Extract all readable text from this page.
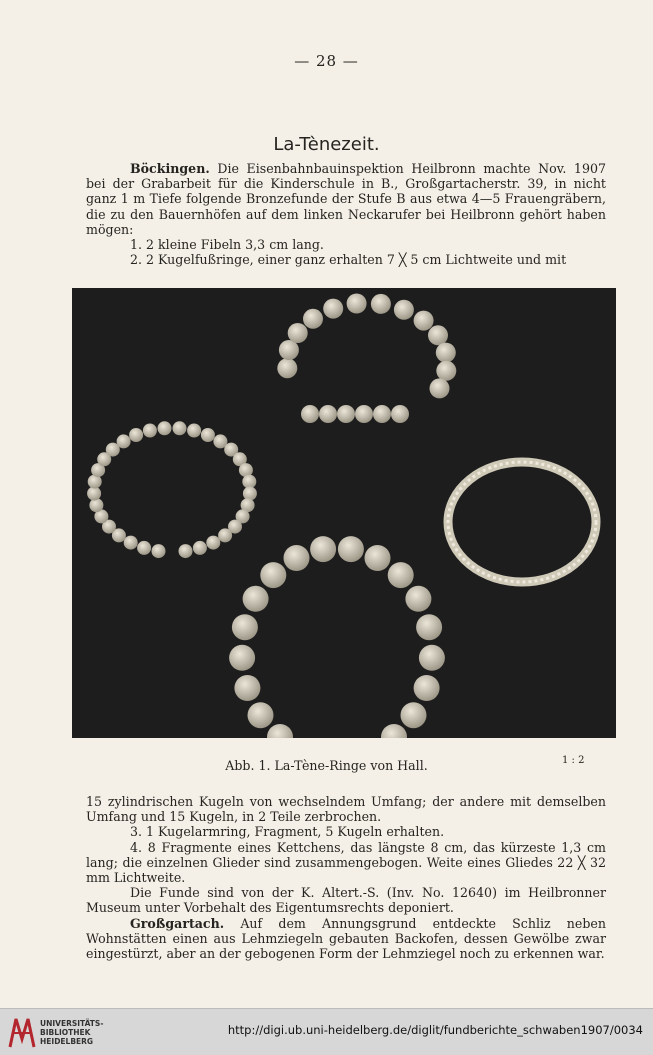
— 28 —
La-Tènezeit.

Böckingen. Die Eisenbahnbauinspektion Heilbronn machte Nov. 1907 bei der Grabarbeit für die Kinderschule in B., Großgartacherstr. 39, in nicht ganz 1 m Tiefe folgende Bronzefunde der Stufe B aus etwa 4—5 Frauengräbern, die zu den Bauernhöfen auf dem linken Neckarufer bei Heilbronn gehört haben mögen:

1. 2 kleine Fibeln 3,3 cm lang.

2. 2 Kugelfußringe, einer ganz erhalten 7 ╳ 5 cm Lichtweite und mit

Abb. 1. La-Tène-Ringe von Hall.	1 : 2

15 zylindrischen Kugeln von wechselndem Umfang; der andere mit demselben Umfang und 15 Kugeln, in 2 Teile zerbrochen.

3. 1 Kugelarmring, Fragment, 5 Kugeln erhalten.

4. 8 Fragmente eines Kettchens, das längste 8 cm, das kürzeste 1,3 cm lang; die einzelnen Glieder sind zusammengebogen. Weite eines Gliedes 22 ╳ 32 mm Lichtweite.

Die Funde sind von der K. Altert.-S. (Inv. No. 12640) im Heilbronner Museum unter Vorbehalt des Eigentumsrechts deponiert.

Großgartach. Auf dem Annungsgrund entdeckte Schliz neben Wohnstätten einen aus Lehmziegeln gebauten Backofen, dessen Gewölbe zwar eingestürzt, aber an der gebogenen Form der Lehmziegel noch zu erkennen war.

UNIVERSITÄTS-
BIBLIOTHEK
HEIDELBERG
http://digi.ub.uni-heidelberg.de/diglit/fundberichte_schwaben1907/0034
